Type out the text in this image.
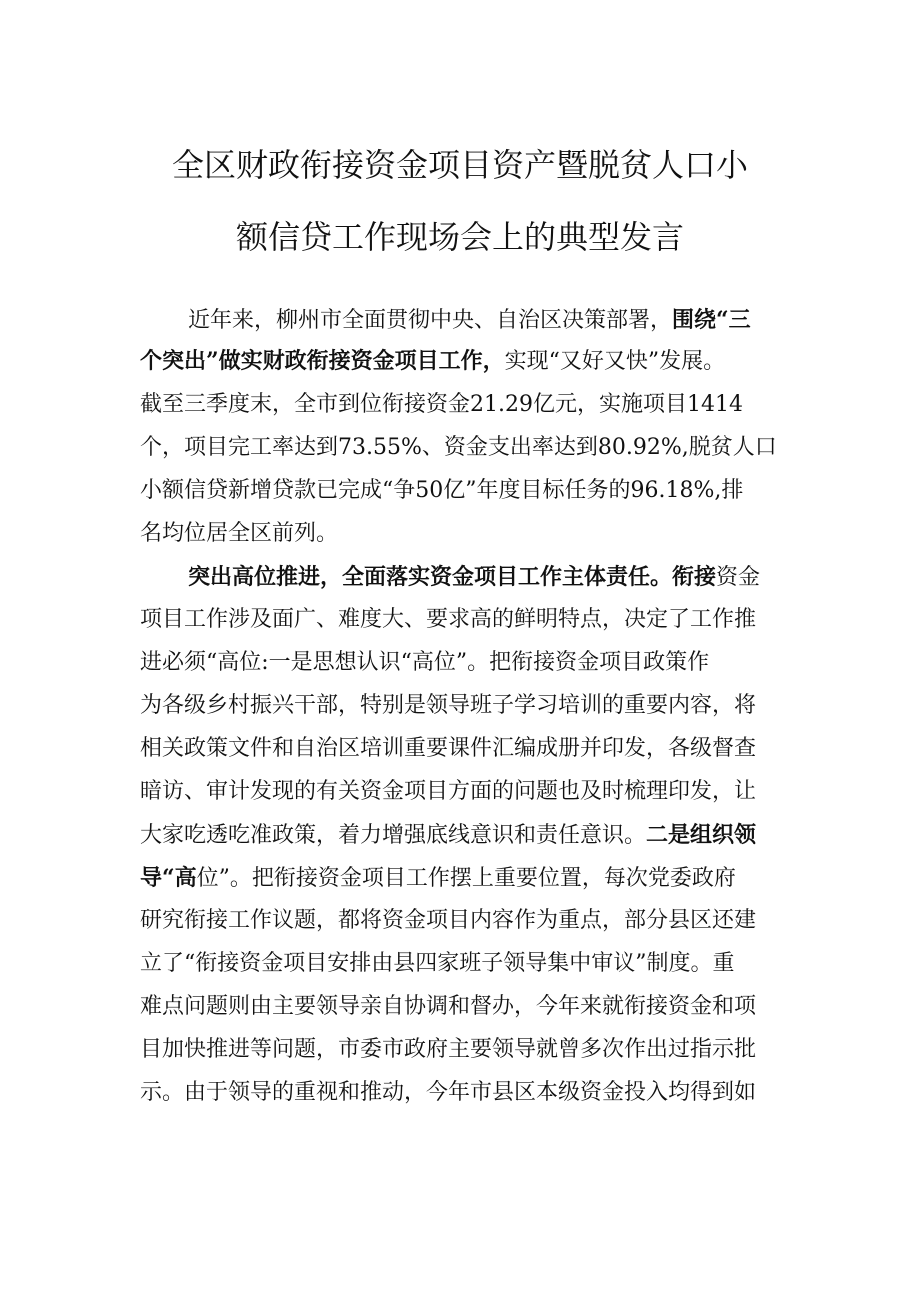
全区财政衔接资金项目资产暨脱贫人口小
额信贷工作现场会上的典型发言
近年来，柳州市全面贯彻中央、自治区决策部署，围绕“三
个突出”做实财政衔接资金项目工作，实现“又好又快”发展。
截至三季度末，全市到位衔接资金21.29亿元，实施项目1414
个，项目完工率达到73.55%、资金支出率达到80.92%,脱贫人口
小额信贷新增贷款已完成“争50亿”年度目标任务的96.18%,排
名均位居全区前列。
突出高位推进，全面落实资金项目工作主体责任。衔接资金
项目工作涉及面广、难度大、要求高的鲜明特点，决定了工作推
进必须“高位:一是思想认识“高位”。把衔接资金项目政策作
为各级乡村振兴干部，特别是领导班子学习培训的重要内容，将
相关政策文件和自治区培训重要课件汇编成册并印发，各级督查
暗访、审计发现的有关资金项目方面的问题也及时梳理印发，让
大家吃透吃准政策，着力增强底线意识和责任意识。二是组织领
导“高位”。把衔接资金项目工作摆上重要位置，每次党委政府
研究衔接工作议题，都将资金项目内容作为重点，部分县区还建
立了“衔接资金项目安排由县四家班子领导集中审议”制度。重
难点问题则由主要领导亲自协调和督办，今年来就衔接资金和项
目加快推进等问题，市委市政府主要领导就曾多次作出过指示批
示。由于领导的重视和推动，今年市县区本级资金投入均得到如
